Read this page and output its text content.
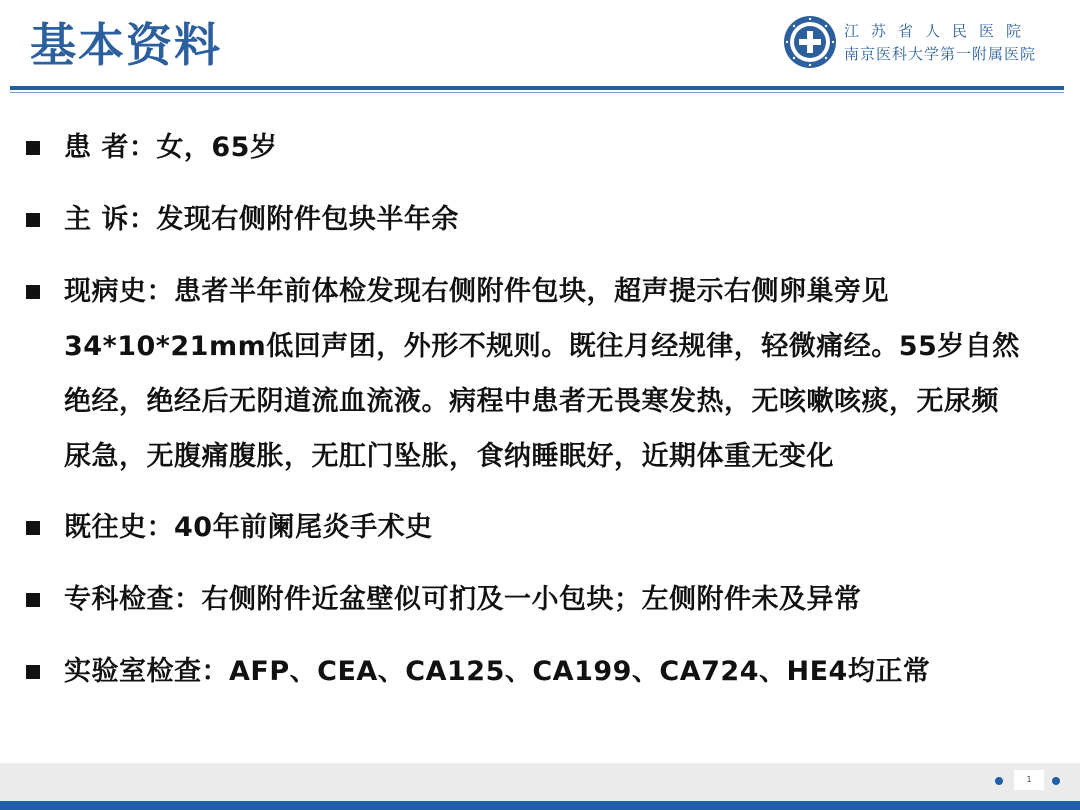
基本资料	江苏省人民医院
南京医科大学第一附属医院
患 者：女，65岁
主 诉：发现右侧附件包块半年余
现病史：患者半年前体检发现右侧附件包块，超声提示右侧卵巢旁见34*10*21mm低回声团，外形不规则。既往月经规律，轻微痛经。55岁自然绝经，绝经后无阴道流血流液。病程中患者无畏寒发热，无咳嗽咳痰，无尿频尿急，无腹痛腹胀，无肛门坠胀，食纳睡眠好，近期体重无变化
既往史：40年前阑尾炎手术史
专科检查：右侧附件近盆壁似可扪及一小包块；左侧附件未及异常
实验室检查：AFP、CEA、CA125、CA199、CA724、HE4均正常
1
